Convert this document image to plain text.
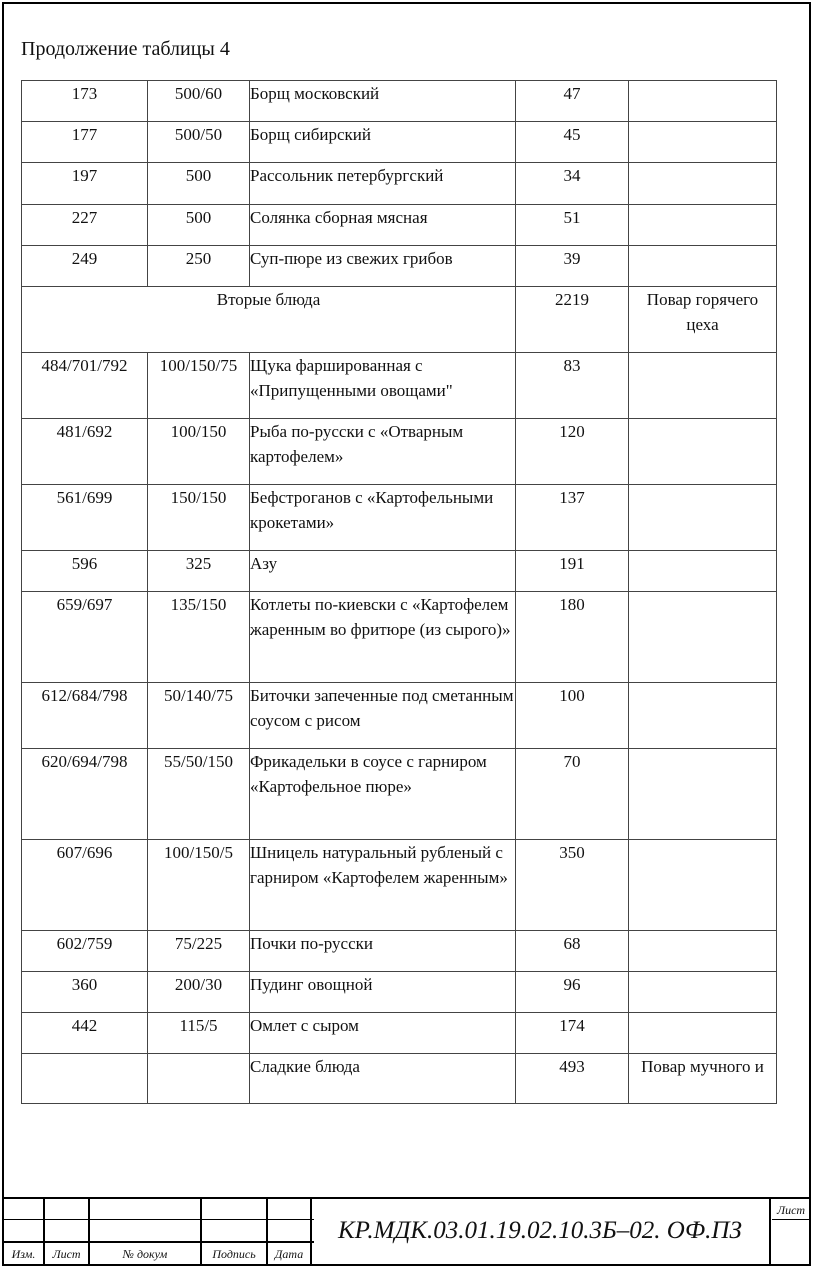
Продолжение таблицы 4
173	500/60	Борщ московский	47	
177	500/50	Борщ сибирский	45	
197	500	Рассольник петербургский	34	
227	500	Солянка сборная мясная	51	
249	250	Суп-пюре из свежих грибов	39	
Вторые блюда			2219	Повар горячего цеха
484/701/792	100/150/75	Щука фаршированная с «Припущенными овощами"	83	
481/692	100/150	Рыба по-русски с «Отварным картофелем»	120	
561/699	150/150	Бефстроганов с «Картофельными крокетами»	137	
596	325	Азу	191	
659/697	135/150	Котлеты по-киевски с «Картофелем жаренным во фритюре (из сырого)»	180	
612/684/798	50/140/75	Биточки запеченные под сметанным соусом с рисом	100	
620/694/798	55/50/150	Фрикадельки в соусе с гарниром «Картофельное пюре»	70	
607/696	100/150/5	Шницель натуральный рубленый с гарниром «Картофелем жаренным»	350	
602/759	75/225	Почки по-русски	68	
360	200/30	Пудинг овощной	96	
442	115/5	Омлет с сыром	174	
		Сладкие блюда	493	Повар мучного и
Изм.	Лист	№ докум	Подпись	Дата
Лист
КР.МДК.03.01.19.02.10.3Б–02. ОФ.ПЗ
